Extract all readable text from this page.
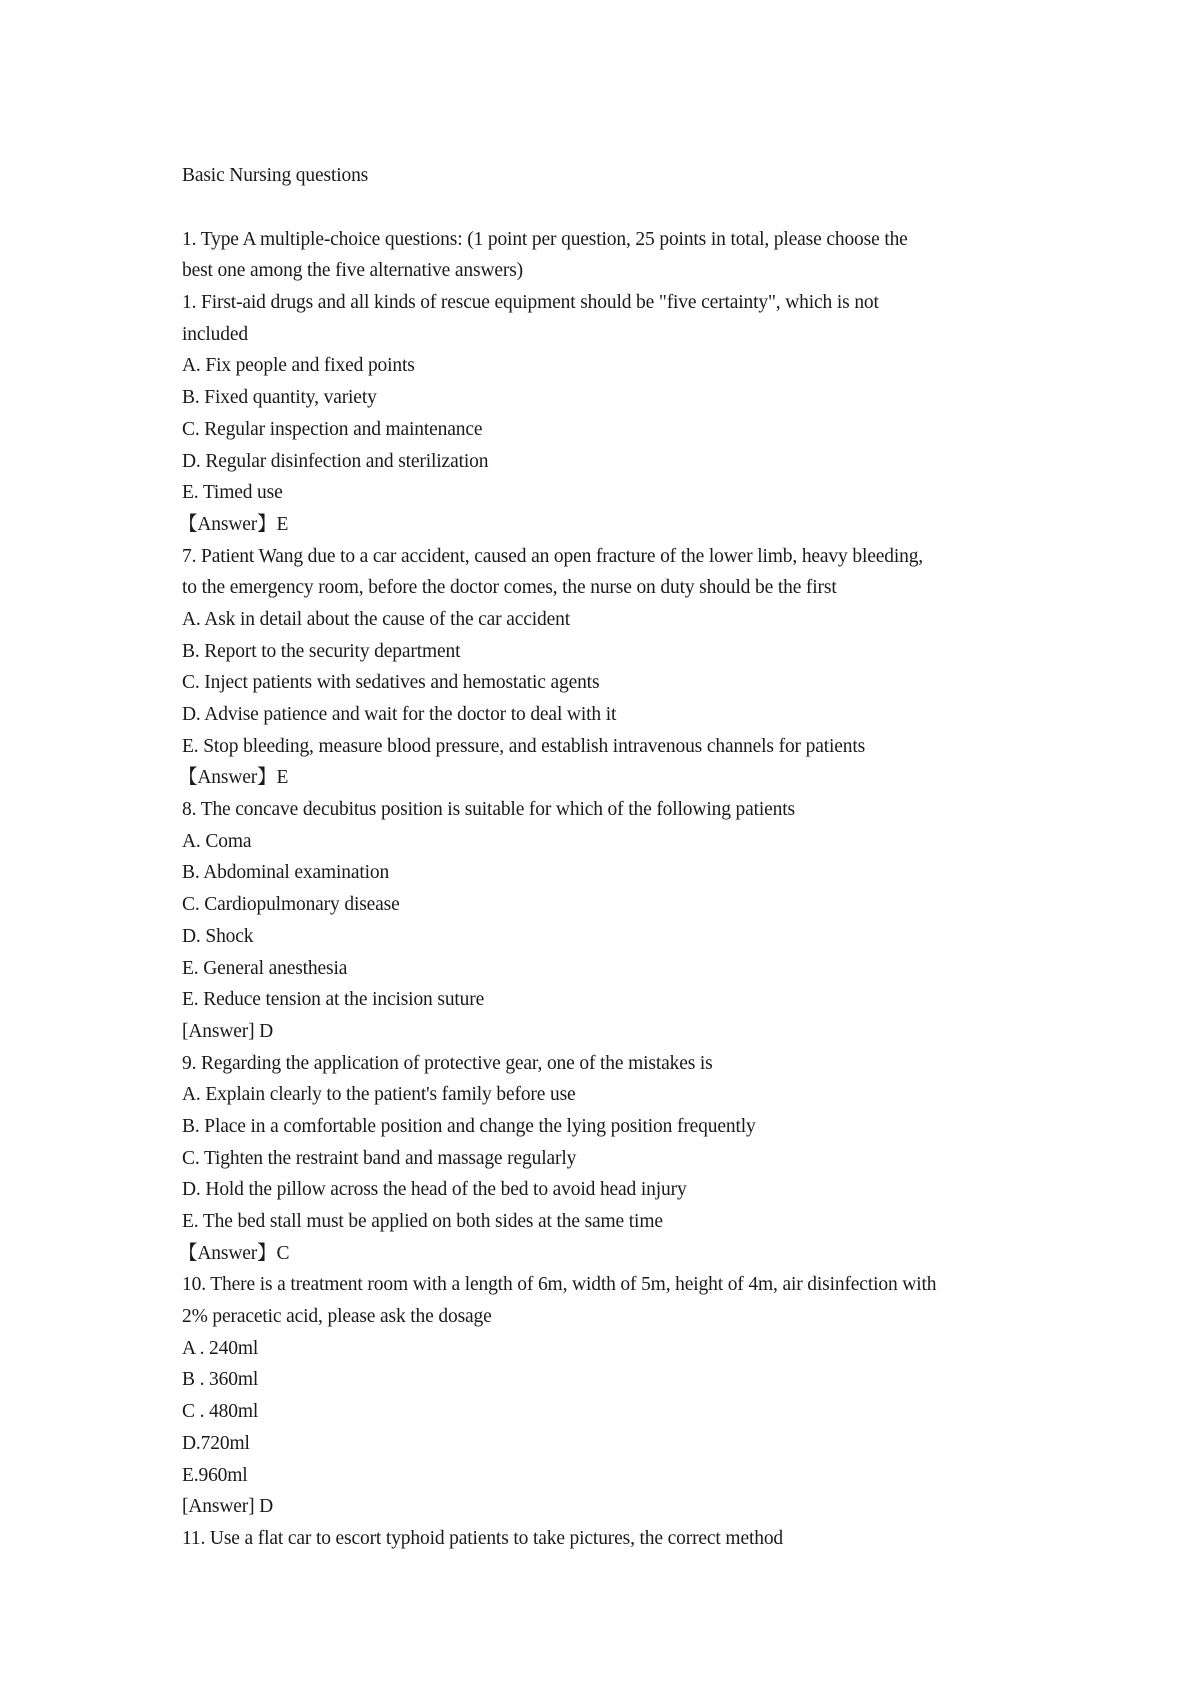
Basic Nursing questions
1. Type A multiple-choice questions: (1 point per question, 25 points in total, please choose the
best one among the five alternative answers)
1. First-aid drugs and all kinds of rescue equipment should be "five certainty", which is not
included
A. Fix people and fixed points
B. Fixed quantity, variety
C. Regular inspection and maintenance
D. Regular disinfection and sterilization
E. Timed use
【Answer】E
7. Patient Wang due to a car accident, caused an open fracture of the lower limb, heavy bleeding,
to the emergency room, before the doctor comes, the nurse on duty should be the first
A. Ask in detail about the cause of the car accident
B. Report to the security department
C. Inject patients with sedatives and hemostatic agents
D. Advise patience and wait for the doctor to deal with it
E. Stop bleeding, measure blood pressure, and establish intravenous channels for patients
【Answer】E
8. The concave decubitus position is suitable for which of the following patients
A. Coma
B. Abdominal examination
C. Cardiopulmonary disease
D. Shock
E. General anesthesia
E. Reduce tension at the incision suture
[Answer] D
9. Regarding the application of protective gear, one of the mistakes is
A. Explain clearly to the patient's family before use
B. Place in a comfortable position and change the lying position frequently
C. Tighten the restraint band and massage regularly
D. Hold the pillow across the head of the bed to avoid head injury
E. The bed stall must be applied on both sides at the same time
【Answer】C
10. There is a treatment room with a length of 6m, width of 5m, height of 4m, air disinfection with
2% peracetic acid, please ask the dosage
A . 240ml
B . 360ml
C . 480ml
D.720ml
E.960ml
[Answer] D
11. Use a flat car to escort typhoid patients to take pictures, the correct method
